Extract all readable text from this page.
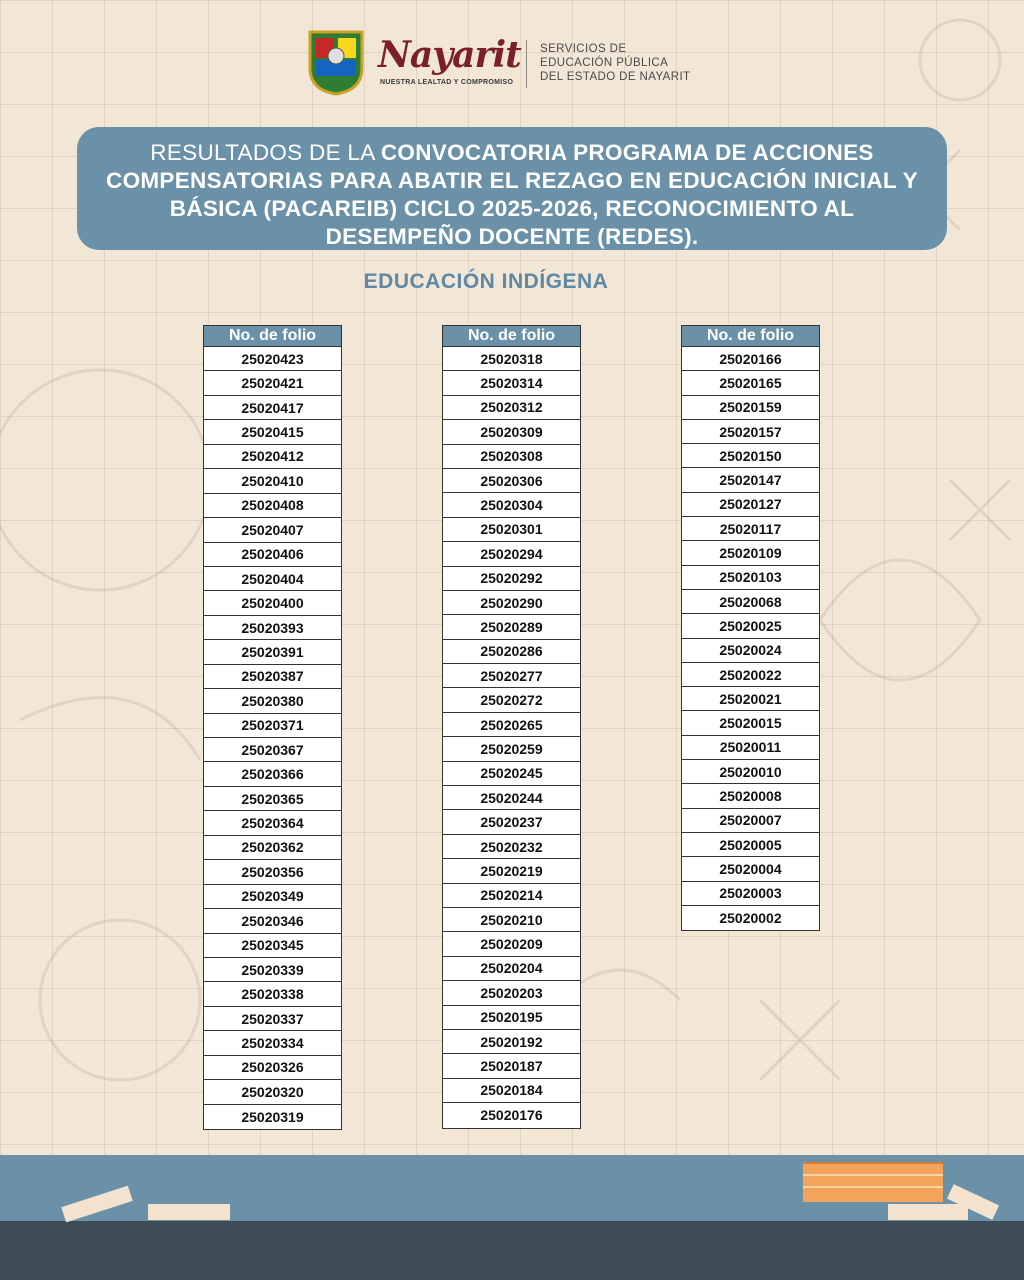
Nayarit
NUESTRA LEALTAD Y COMPROMISO
SERVICIOS DE
EDUCACIÓN PÚBLICA
DEL ESTADO DE NAYARIT
RESULTADOS DE LA CONVOCATORIA PROGRAMA DE ACCIONES COMPENSATORIAS PARA ABATIR EL REZAGO EN EDUCACIÓN INICIAL Y BÁSICA (PACAREIB) CICLO 2025-2026, RECONOCIMIENTO AL DESEMPEÑO DOCENTE (REDES).
EDUCACIÓN INDÍGENA
No. de folio
25020423
25020421
25020417
25020415
25020412
25020410
25020408
25020407
25020406
25020404
25020400
25020393
25020391
25020387
25020380
25020371
25020367
25020366
25020365
25020364
25020362
25020356
25020349
25020346
25020345
25020339
25020338
25020337
25020334
25020326
25020320
25020319
No. de folio
25020318
25020314
25020312
25020309
25020308
25020306
25020304
25020301
25020294
25020292
25020290
25020289
25020286
25020277
25020272
25020265
25020259
25020245
25020244
25020237
25020232
25020219
25020214
25020210
25020209
25020204
25020203
25020195
25020192
25020187
25020184
25020176
No. de folio
25020166
25020165
25020159
25020157
25020150
25020147
25020127
25020117
25020109
25020103
25020068
25020025
25020024
25020022
25020021
25020015
25020011
25020010
25020008
25020007
25020005
25020004
25020003
25020002
